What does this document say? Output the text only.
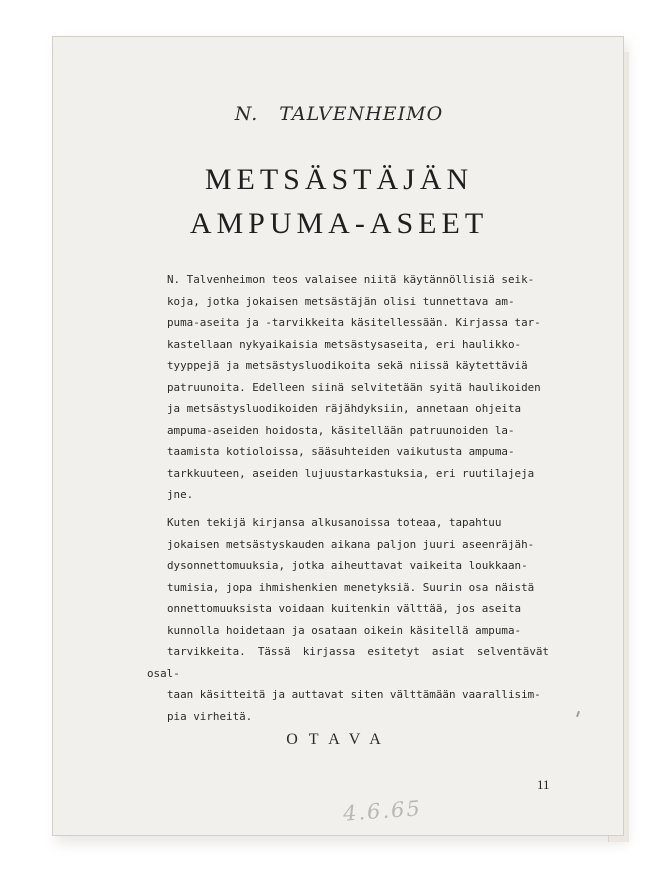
N. TALVENHEIMO
METSÄSTÄJÄN
AMPUMA-ASEET
N. Talvenheimon teos valaisee niitä käytännöllisiä seik-
koja, jotka jokaisen metsästäjän olisi tunnettava am-
puma-aseita ja -tarvikkeita käsitellessään. Kirjassa tar-
kastellaan nykyaikaisia metsästysaseita, eri haulikko-
tyyppejä ja metsästysluodikoita sekä niissä käytettäviä
patruunoita. Edelleen siinä selvitetään syitä haulikoiden
ja metsästysluodikoiden räjähdyksiin, annetaan ohjeita
ampuma-aseiden hoidosta, käsitellään patruunoiden la-
taamista kotioloissa, sääsuhteiden vaikutusta ampuma-
tarkkuuteen, aseiden lujuustarkastuksia, eri ruutilajeja
jne.
Kuten tekijä kirjansa alkusanoissa toteaa, tapahtuu
jokaisen metsästyskauden aikana paljon juuri aseenräjäh-
dysonnettomuuksia, jotka aiheuttavat vaikeita loukkaan-
tumisia, jopa ihmishenkien menetyksiä. Suurin osa näistä
onnettomuuksista voidaan kuitenkin välttää, jos aseita
kunnolla hoidetaan ja osataan oikein käsitellä ampuma-
tarvikkeita. Tässä kirjassa esitetyt asiat selventävät osal-
taan käsitteitä ja auttavat siten välttämään vaarallisim-
pia virheitä.
OTAVA
11
4.6.65
